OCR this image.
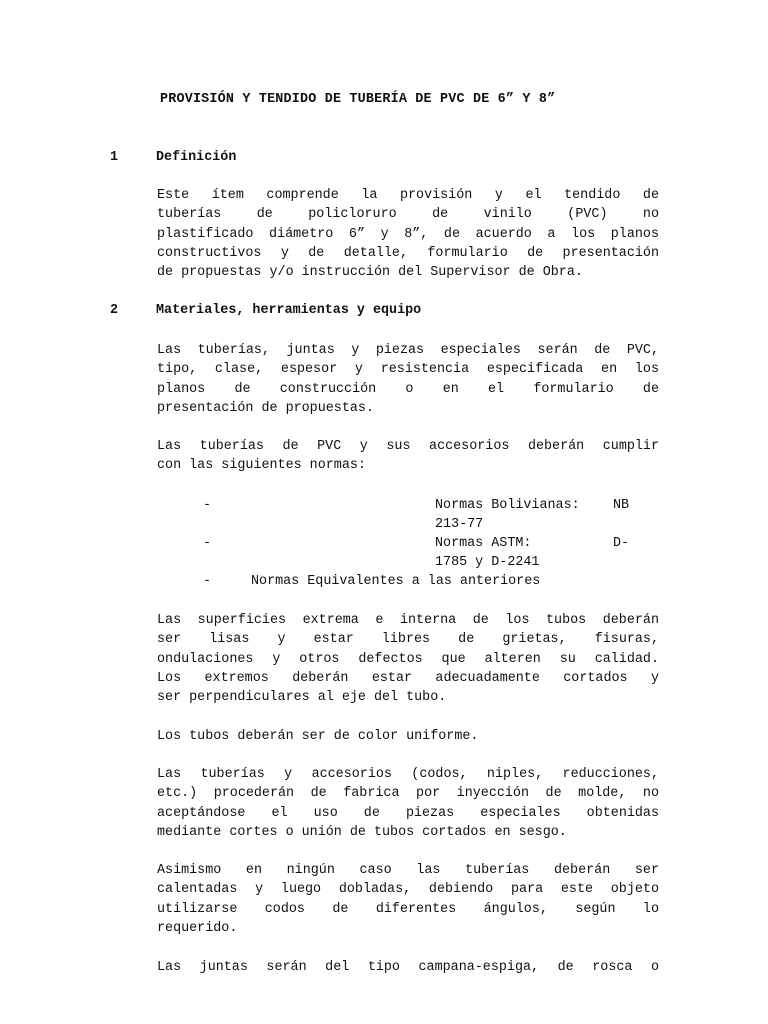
PROVISIÓN Y TENDIDO DE TUBERÍA DE PVC DE 6” Y 8”
1	Definición
Este ítem comprende la provisión y el tendido de
tuberías de policloruro de vinilo (PVC) no
plastificado diámetro 6” y 8”, de acuerdo a los planos
constructivos y de detalle, formulario de presentación
de propuestas y/o instrucción del Supervisor de Obra.
2	Materiales, herramientas y equipo
Las tuberías, juntas y piezas especiales serán de PVC,
tipo, clase, espesor y resistencia especificada en los
planos de construcción o en el formulario de
presentación de propuestas.
Las tuberías de PVC y sus accesorios deberán cumplir
con las siguientes normas:
-	Normas Bolivianas: NB
213-77
-	Normas ASTM:	D-
1785 y D-2241
-	Normas Equivalentes a las anteriores
Las superficies extrema e interna de los tubos deberán
ser lisas y estar libres de grietas, fisuras,
ondulaciones y otros defectos que alteren su calidad.
Los extremos deberán estar adecuadamente cortados y
ser perpendiculares al eje del tubo.
Los tubos deberán ser de color uniforme.
Las tuberías y accesorios (codos, niples, reducciones,
etc.) procederán de fabrica por inyección de molde, no
aceptándose el uso de piezas especiales obtenidas
mediante cortes o unión de tubos cortados en sesgo.
Asimismo en ningún caso las tuberías deberán ser
calentadas y luego dobladas, debiendo para este objeto
utilizarse codos de diferentes ángulos, según lo
requerido.
Las juntas serán del tipo campana-espiga, de rosca o
